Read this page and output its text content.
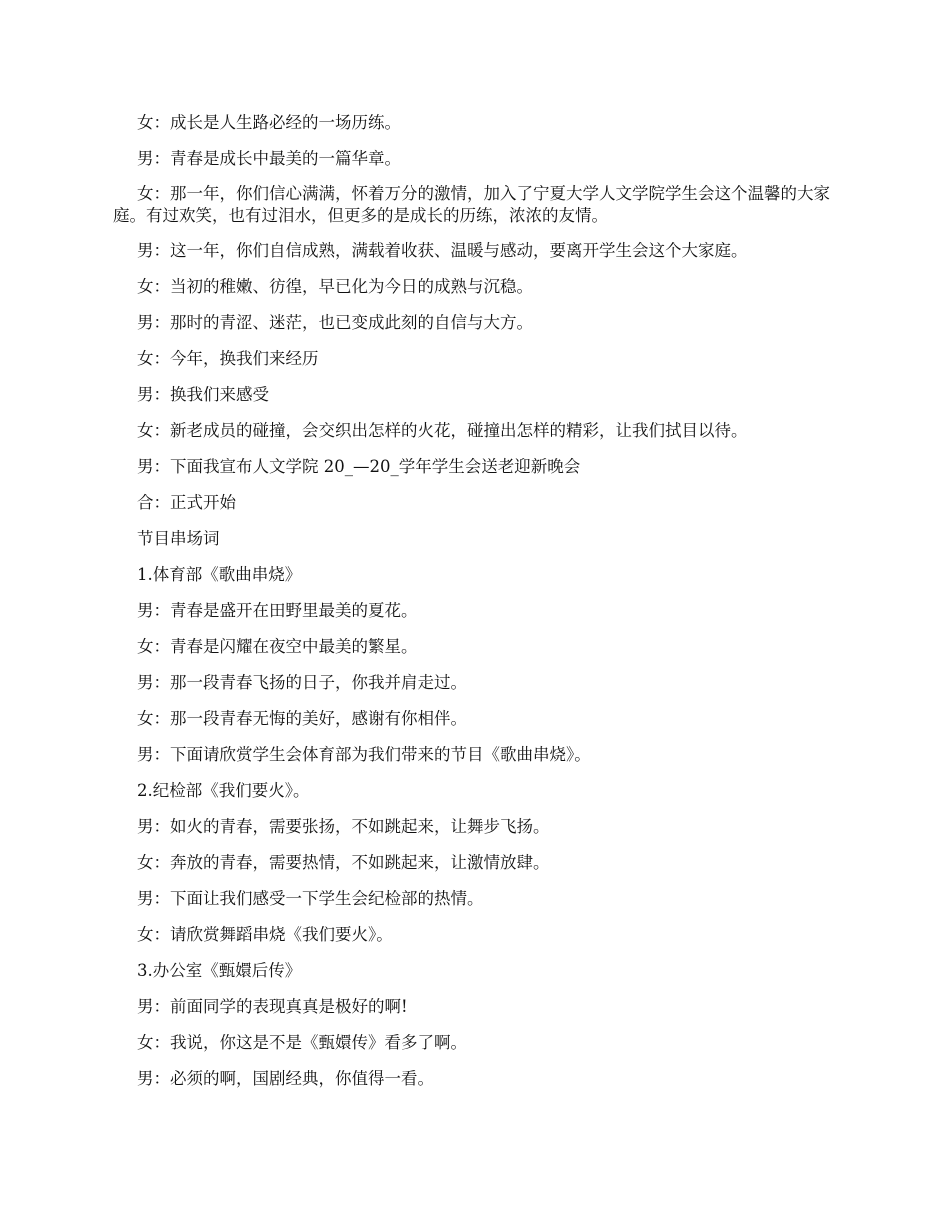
女：成长是人生路必经的一场历练。

男：青春是成长中最美的一篇华章。

女：那一年，你们信心满满，怀着万分的激情，加入了宁夏大学人文学院学生会这个温馨的大家庭。有过欢笑，也有过泪水，但更多的是成长的历练，浓浓的友情。

男：这一年，你们自信成熟，满载着收获、温暖与感动，要离开学生会这个大家庭。

女：当初的稚嫩、彷徨，早已化为今日的成熟与沉稳。

男：那时的青涩、迷茫，也已变成此刻的自信与大方。

女：今年，换我们来经历

男：换我们来感受

女：新老成员的碰撞，会交织出怎样的火花，碰撞出怎样的精彩，让我们拭目以待。

男：下面我宣布人文学院 20_—20_学年学生会送老迎新晚会

合：正式开始

节目串场词

1.体育部《歌曲串烧》

男：青春是盛开在田野里最美的夏花。

女：青春是闪耀在夜空中最美的繁星。

男：那一段青春飞扬的日子，你我并肩走过。

女：那一段青春无悔的美好，感谢有你相伴。

男：下面请欣赏学生会体育部为我们带来的节目《歌曲串烧》。

2.纪检部《我们要火》。

男：如火的青春，需要张扬，不如跳起来，让舞步飞扬。

女：奔放的青春，需要热情，不如跳起来，让激情放肆。

男：下面让我们感受一下学生会纪检部的热情。

女：请欣赏舞蹈串烧《我们要火》。

3.办公室《甄嬛后传》

男：前面同学的表现真真是极好的啊!

女：我说，你这是不是《甄嬛传》看多了啊。

男：必须的啊，国剧经典，你值得一看。
